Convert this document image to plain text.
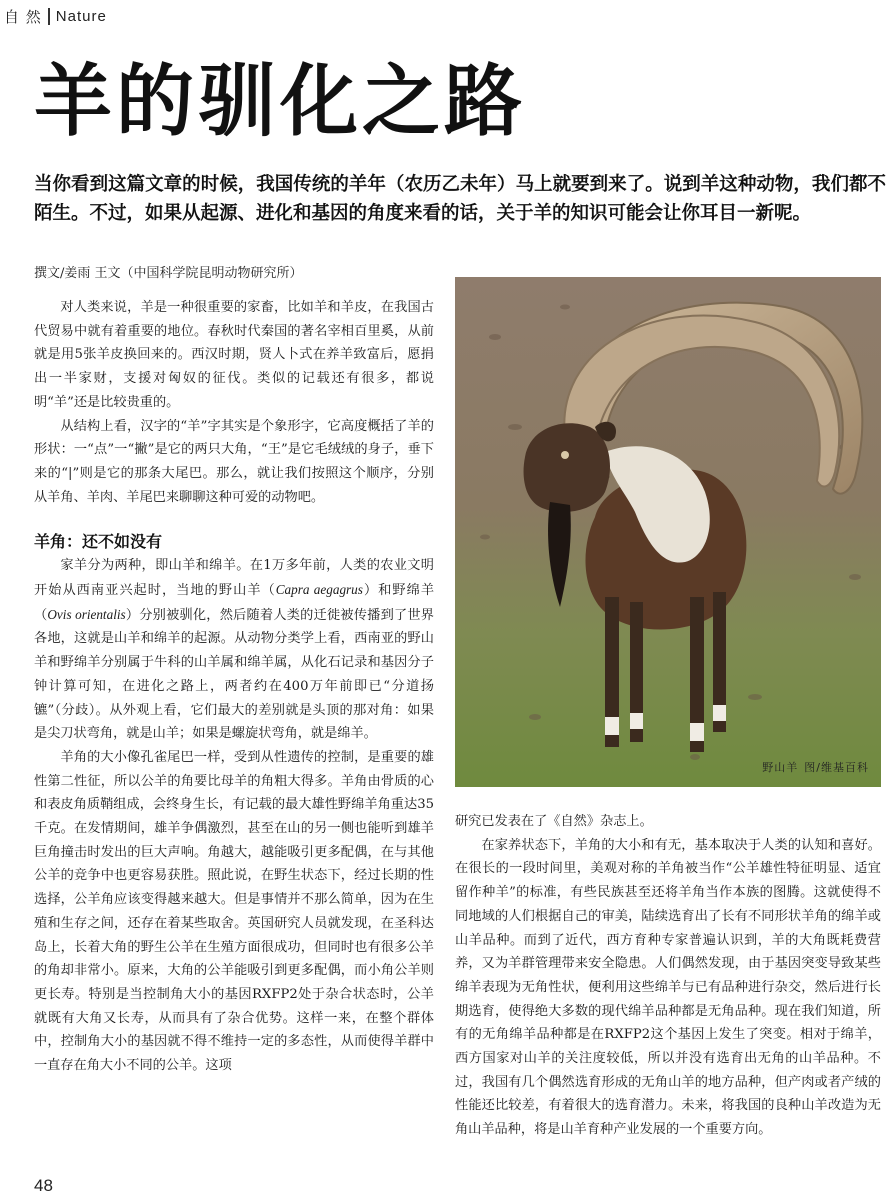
自 然 Nature
羊的驯化之路

当你看到这篇文章的时候，我国传统的羊年（农历乙未年）马上就要到来了。说到羊这种动物，我们都不陌生。不过，如果从起源、进化和基因的角度来看的话，关于羊的知识可能会让你耳目一新呢。

撰文/姜雨 王文（中国科学院昆明动物研究所）

对人类来说，羊是一种很重要的家畜，比如羊和羊皮，在我国古代贸易中就有着重要的地位。春秋时代秦国的著名宰相百里奚，从前就是用5张羊皮换回来的。西汉时期，贤人卜式在养羊致富后，愿捐出一半家财，支援对匈奴的征伐。类似的记载还有很多，都说明“羊”还是比较贵重的。

从结构上看，汉字的“羊”字其实是个象形字，它高度概括了羊的形状：一“点”一“撇”是它的两只大角，“王”是它毛绒绒的身子，垂下来的“|”则是它的那条大尾巴。那么，就让我们按照这个顺序，分别从羊角、羊肉、羊尾巴来聊聊这种可爱的动物吧。

羊角：还不如没有

家羊分为两种，即山羊和绵羊。在1万多年前，人类的农业文明开始从西南亚兴起时，当地的野山羊（Capra aegagrus）和野绵羊（Ovis orientalis）分别被驯化，然后随着人类的迁徙被传播到了世界各地，这就是山羊和绵羊的起源。从动物分类学上看，西南亚的野山羊和野绵羊分别属于牛科的山羊属和绵羊属，从化石记录和基因分子钟计算可知，在进化之路上，两者约在400万年前即已“分道扬镳”（分歧）。从外观上看，它们最大的差别就是头顶的那对角：如果是尖刀状弯角，就是山羊；如果是螺旋状弯角，就是绵羊。

羊角的大小像孔雀尾巴一样，受到从性遗传的控制，是重要的雄性第二性征，所以公羊的角要比母羊的角粗大得多。羊角由骨质的心和表皮角质鞘组成，会终身生长，有记载的最大雄性野绵羊角重达35千克。在发情期间，雄羊争偶激烈，甚至在山的另一侧也能听到雄羊巨角撞击时发出的巨大声响。角越大，越能吸引更多配偶，在与其他公羊的竞争中也更容易获胜。照此说，在野生状态下，经过长期的性选择，公羊角应该变得越来越大。但是事情并不那么简单，因为在生殖和生存之间，还存在着某些取舍。英国研究人员就发现，在圣科达岛上，长着大角的野生公羊在生殖方面很成功，但同时也有很多公羊的角却非常小。原来，大角的公羊能吸引到更多配偶，而小角公羊则更长寿。特别是当控制角大小的基因RXFP2处于杂合状态时，公羊就既有大角又长寿，从而具有了杂合优势。这样一来，在整个群体中，控制角大小的基因就不得不维持一定的多态性，从而使得羊群中一直存在角大小不同的公羊。这项

野山羊 图/维基百科

研究已发表在了《自然》杂志上。

在家养状态下，羊角的大小和有无，基本取决于人类的认知和喜好。在很长的一段时间里，美观对称的羊角被当作“公羊雄性特征明显、适宜留作种羊”的标准，有些民族甚至还将羊角当作本族的图腾。这就使得不同地域的人们根据自己的审美，陆续选育出了长有不同形状羊角的绵羊或山羊品种。而到了近代，西方育种专家普遍认识到，羊的大角既耗费营养，又为羊群管理带来安全隐患。人们偶然发现，由于基因突变导致某些绵羊表现为无角性状，便利用这些绵羊与已有品种进行杂交，然后进行长期选育，使得绝大多数的现代绵羊品种都是无角品种。现在我们知道，所有的无角绵羊品种都是在RXFP2这个基因上发生了突变。相对于绵羊，西方国家对山羊的关注度较低，所以并没有选育出无角的山羊品种。不过，我国有几个偶然选育形成的无角山羊的地方品种，但产肉或者产绒的性能还比较差，有着很大的选育潜力。未来，将我国的良种山羊改造为无角山羊品种，将是山羊育种产业发展的一个重要方向。

48
